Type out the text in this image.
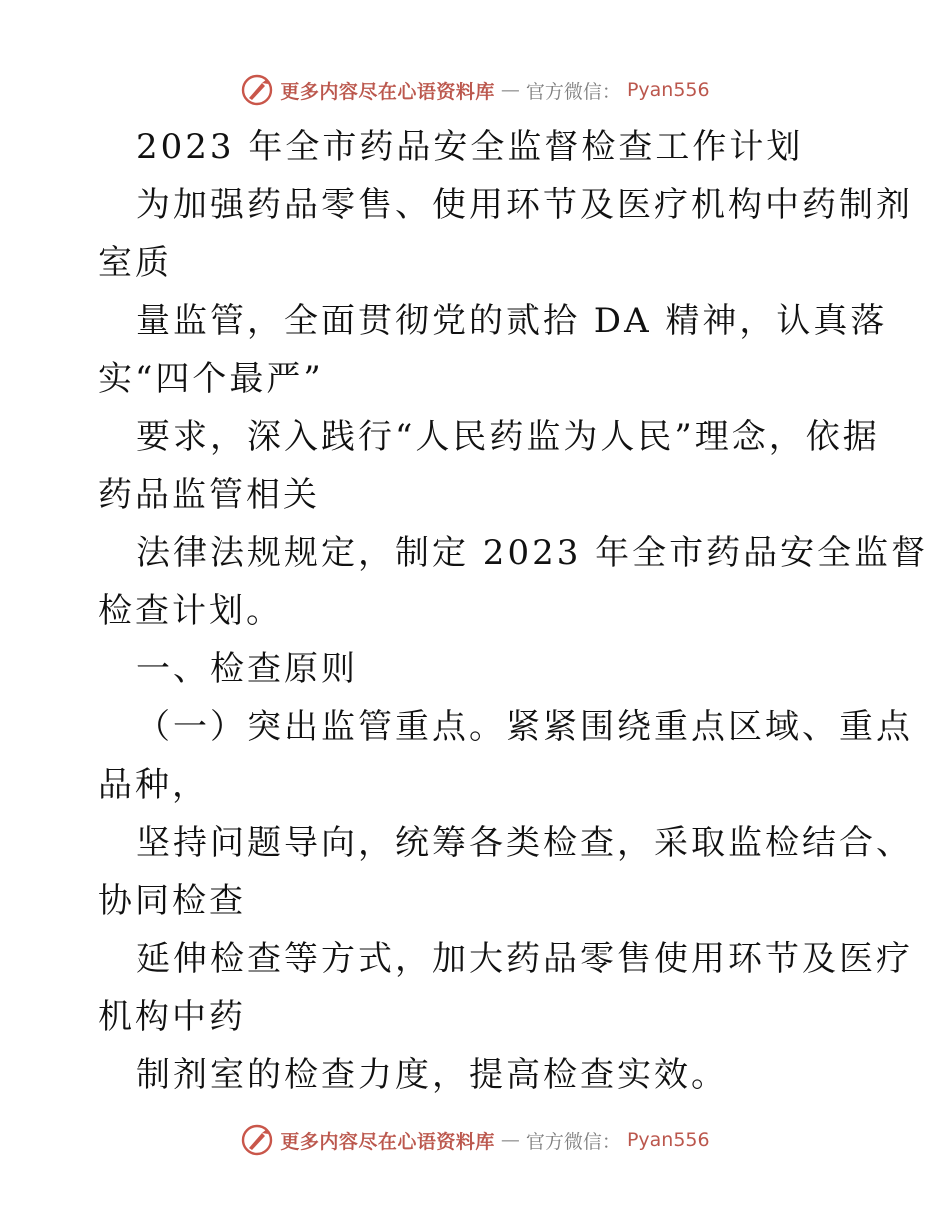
更多内容尽在心语资料库 — 官方微信： Pyan556

2023 年全市药品安全监督检查工作计划

为加强药品零售、使用环节及医疗机构中药制剂

室质

量监管，全面贯彻党的贰拾 DA 精神，认真落

实“四个最严”

要求，深入践行“人民药监为人民”理念，依据

药品监管相关

法律法规规定，制定 2023 年全市药品安全监督

检查计划。

一、检查原则

（一）突出监管重点。紧紧围绕重点区域、重点

品种，

坚持问题导向，统筹各类检查，采取监检结合、

协同检查

延伸检查等方式，加大药品零售使用环节及医疗

机构中药

制剂室的检查力度，提高检查实效。

更多内容尽在心语资料库 — 官方微信： Pyan556
